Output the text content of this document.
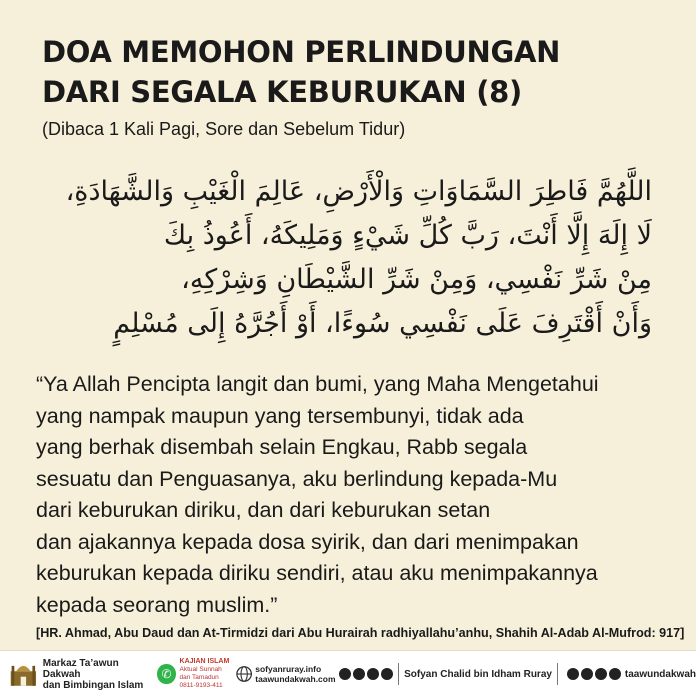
DOA MEMOHON PERLINDUNGAN
DARI SEGALA KEBURUKAN (8)
(Dibaca 1 Kali Pagi, Sore dan Sebelum Tidur)
اللَّهُمَّ فَاطِرَ السَّمَاوَاتِ وَالْأَرْضِ، عَالِمَ الْغَيْبِ وَالشَّهَادَةِ،
لَا إِلَهَ إِلَّا أَنْتَ، رَبَّ كُلِّ شَيْءٍ وَمَلِيكَهُ، أَعُوذُ بِكَ
مِنْ شَرِّ نَفْسِي، وَمِنْ شَرِّ الشَّيْطَانِ وَشِرْكِهِ،
وَأَنْ أَقْتَرِفَ عَلَى نَفْسِي سُوءًا، أَوْ أَجُرَّهُ إِلَى مُسْلِمٍ
“Ya Allah Pencipta langit dan bumi, yang Maha Mengetahui
yang nampak maupun yang tersembunyi, tidak ada
yang berhak disembah selain Engkau, Rabb segala
sesuatu dan Penguasanya, aku berlindung kepada-Mu
dari keburukan diriku, dan dari keburukan setan
dan ajakannya kepada dosa syirik, dan dari menimpakan
keburukan kepada diriku sendiri, atau aku menimpakannya
kepada seorang muslim.”
[HR. Ahmad, Abu Daud dan At-Tirmidzi dari Abu Hurairah radhiyallahu’anhu, Shahih Al-Adab Al-Mufrod: 917]
Markaz Ta’awun Dakwah
dan Bimbingan Islam
✆
KAJIAN ISLAM
Aktual Sunnah dan Tamadun
0811-9193-411
sofyanruray.info
taawundakwah.com	Sofyan Chalid bin Idham Ruray	taawundakwah
